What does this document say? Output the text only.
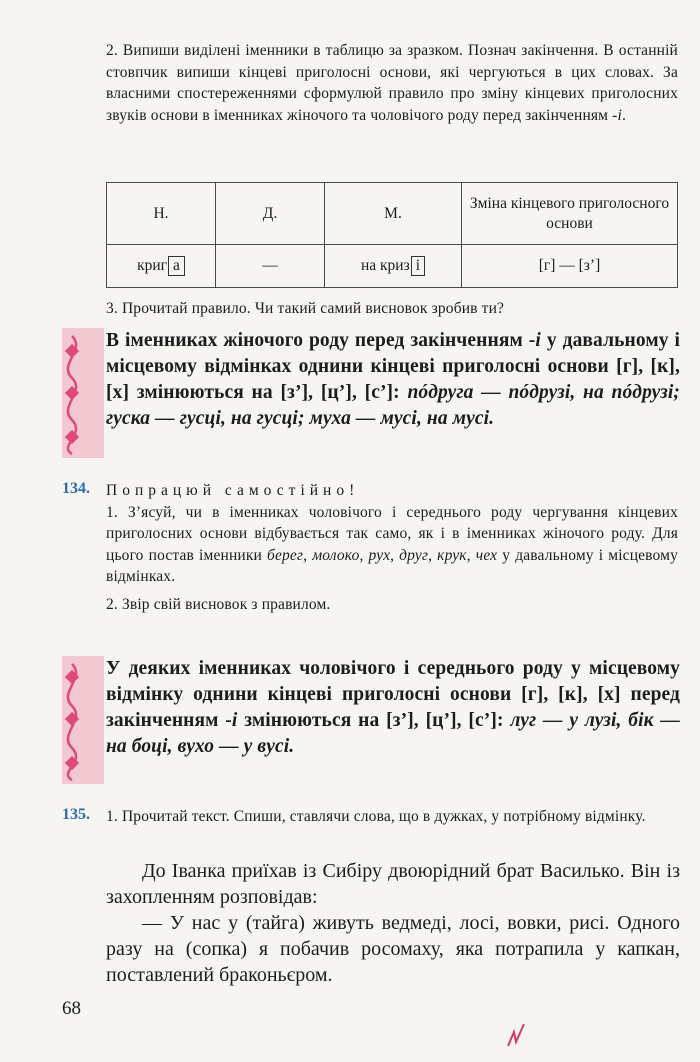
2. Випиши виділені іменники в таблицю за зразком. Познач закінчення. В останній стовпчик випиши кінцеві приголосні основи, які чергуються в цих словах. За власними спостереженнями сформулюй правило про зміну кінцевих приголосних звуків основи в іменниках жіночого та чоловічого роду перед закінченням -і.

Н.	Д.	М.	Зміна кінцевого приголосного основи
криг а	—	на криз і	[г] — [з’]

3. Прочитай правило. Чи такий самий висновок зробив ти?

В іменниках жіночого роду перед закінченням -і у давальному і місцевому відмінках однини кінцеві приголосні основи [г], [к], [х] змінюються на [з’], [ц’], [с’]: пóдруга — пóдрузі, на пóдрузі; гуска — гусці, на гусці; муха — мусі, на мусі.

134. Попрацюй самостійно!

1. З’ясуй, чи в іменниках чоловічого і середнього роду чергування кінцевих приголосних основи відбувається так само, як і в іменниках жіночого роду. Для цього постав іменники берег, молоко, рух, друг, крук, чех у давальному і місцевому відмінках.

2. Звір свій висновок з правилом.

У деяких іменниках чоловічого і середнього роду у місцевому відмінку однини кінцеві приголосні основи [г], [к], [х] перед закінченням -і змінюються на [з’], [ц’], [с’]: луг — у лузі, бік — на боці, вухо — у вусі.

135. 1. Прочитай текст. Спиши, ставлячи слова, що в дужках, у потрібному відмінку.

До Іванка приїхав із Сибіру двоюрідний брат Василько. Він із захопленням розповідав:

— У нас у (тайга) живуть ведмеді, лосі, вовки, рисі. Одного разу на (сопка) я побачив росомаху, яка потрапила у капкан, поставлений браконьєром.

68
